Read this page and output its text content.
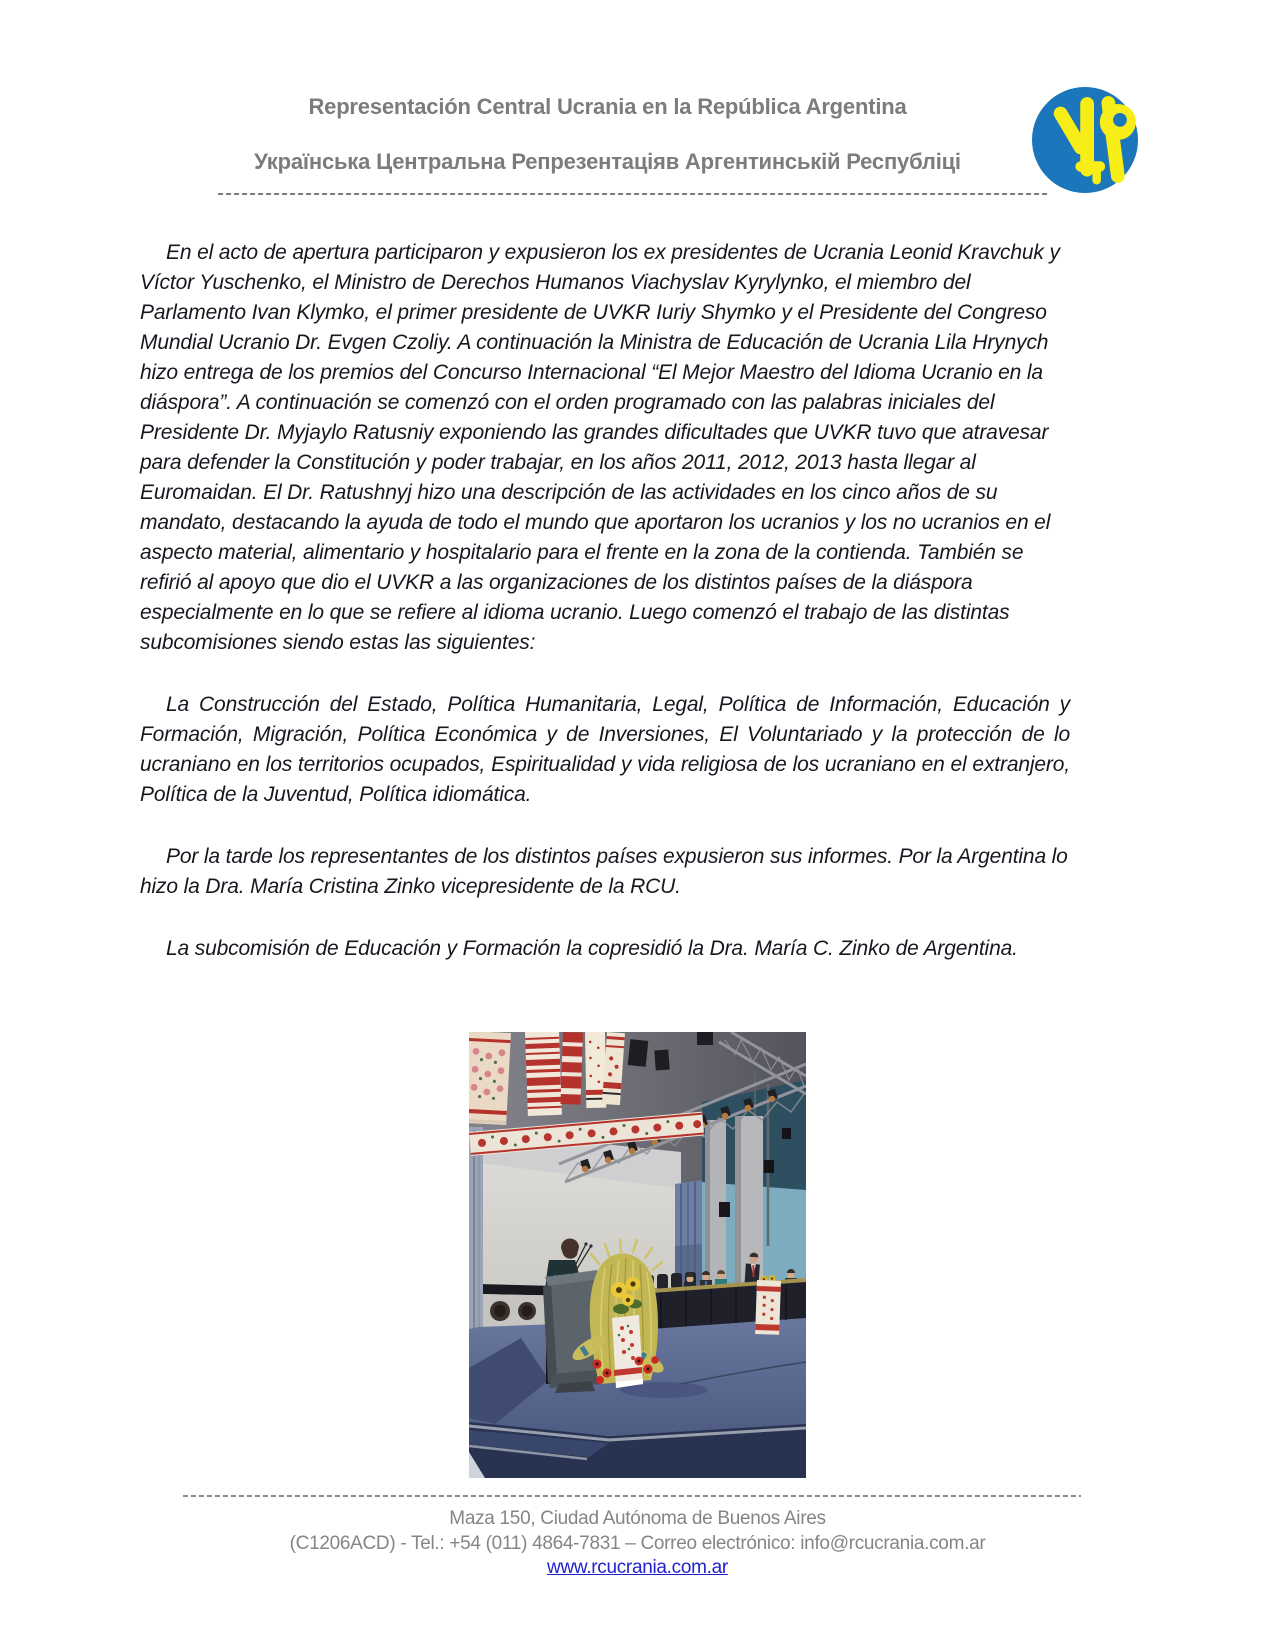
Representación Central Ucrania en la República Argentina
Українська Центральна Репрезентаціяв Аргентинській Республіці

En el acto de apertura participaron y expusieron los ex presidentes de Ucrania Leonid Kravchuk y Víctor Yuschenko, el Ministro de Derechos Humanos Viachyslav Kyrylynko, el miembro del Parlamento Ivan Klymko, el primer presidente de UVKR Iuriy Shymko y el Presidente del Congreso Mundial Ucranio Dr. Evgen Czoliy. A continuación la Ministra de Educación de Ucrania Lila Hrynych hizo entrega de los premios del Concurso Internacional “El Mejor Maestro del Idioma Ucranio en la diáspora”. A continuación se comenzó con el orden programado con las palabras iniciales del Presidente Dr. Myjaylo Ratusniy exponiendo las grandes dificultades que UVKR tuvo que atravesar para defender la Constitución y poder trabajar, en los años 2011, 2012, 2013 hasta llegar al Euromaidan. El Dr. Ratushnyj hizo una descripción de las actividades en los cinco años de su mandato, destacando la ayuda de todo el mundo que aportaron los ucranios y los no ucranios en el aspecto material, alimentario y hospitalario para el frente en la zona de la contienda. También se refirió al apoyo que dio el UVKR a las organizaciones de los distintos países de la diáspora especialmente en lo que se refiere al idioma ucranio. Luego comenzó el trabajo de las distintas subcomisiones siendo estas las siguientes:

La Construcción del Estado, Política Humanitaria, Legal, Política de Información, Educación y Formación, Migración, Política Económica y de Inversiones, El Voluntariado y la protección de lo ucraniano en los territorios ocupados, Espiritualidad y vida religiosa de los ucraniano en el extranjero, Política de la Juventud, Política idiomática.

Por la tarde los representantes de los distintos países expusieron sus informes. Por la Argentina lo hizo la Dra. María Cristina Zinko vicepresidente de la RCU.

La subcomisión de Educación y Formación la copresidió la Dra. María C. Zinko de Argentina.

Maza 150, Ciudad Autónoma de Buenos Aires
(C1206ACD) - Tel.: +54 (011) 4864-7831 – Correo electrónico: info@rcucrania.com.ar
www.rcucrania.com.ar
